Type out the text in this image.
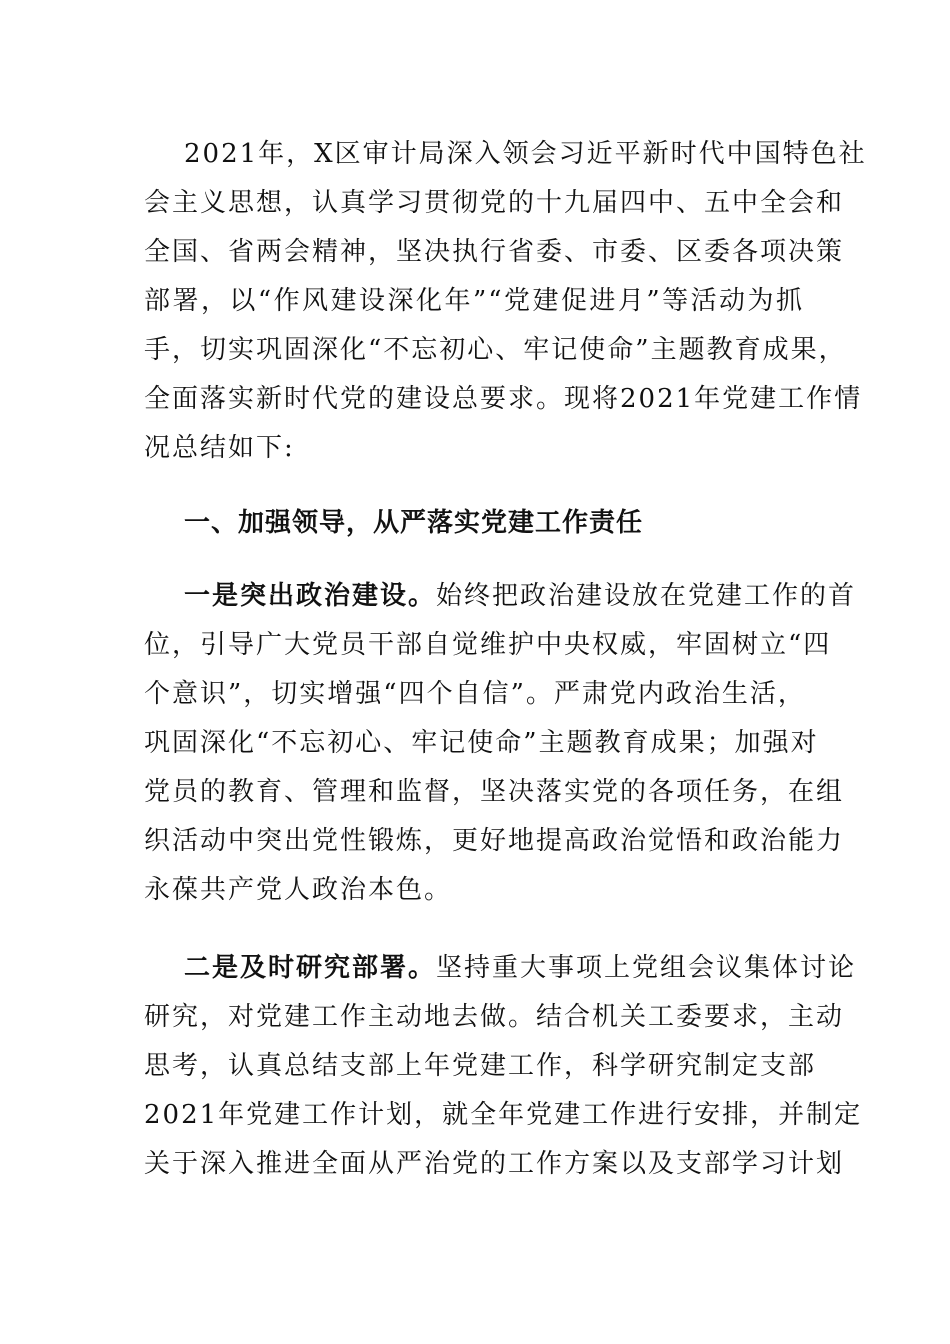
2021年，X区审计局深入领会习近平新时代中国特色社
会主义思想，认真学习贯彻党的十九届四中、五中全会和
全国、省两会精神，坚决执行省委、市委、区委各项决策
部署，以“作风建设深化年”“党建促进月”等活动为抓
手，切实巩固深化“不忘初心、牢记使命”主题教育成果，
全面落实新时代党的建设总要求。现将2021年党建工作情
况总结如下:
一、加强领导，从严落实党建工作责任
一是突出政治建设。始终把政治建设放在党建工作的首
位，引导广大党员干部自觉维护中央权威，牢固树立“四
个意识”，切实增强“四个自信”。严肃党内政治生活，
巩固深化“不忘初心、牢记使命”主题教育成果；加强对
党员的教育、管理和监督，坚决落实党的各项任务，在组
织活动中突出党性锻炼，更好地提高政治觉悟和政治能力
永葆共产党人政治本色。
二是及时研究部署。坚持重大事项上党组会议集体讨论
研究，对党建工作主动地去做。结合机关工委要求，主动
思考，认真总结支部上年党建工作，科学研究制定支部
2021年党建工作计划，就全年党建工作进行安排，并制定
关于深入推进全面从严治党的工作方案以及支部学习计划
